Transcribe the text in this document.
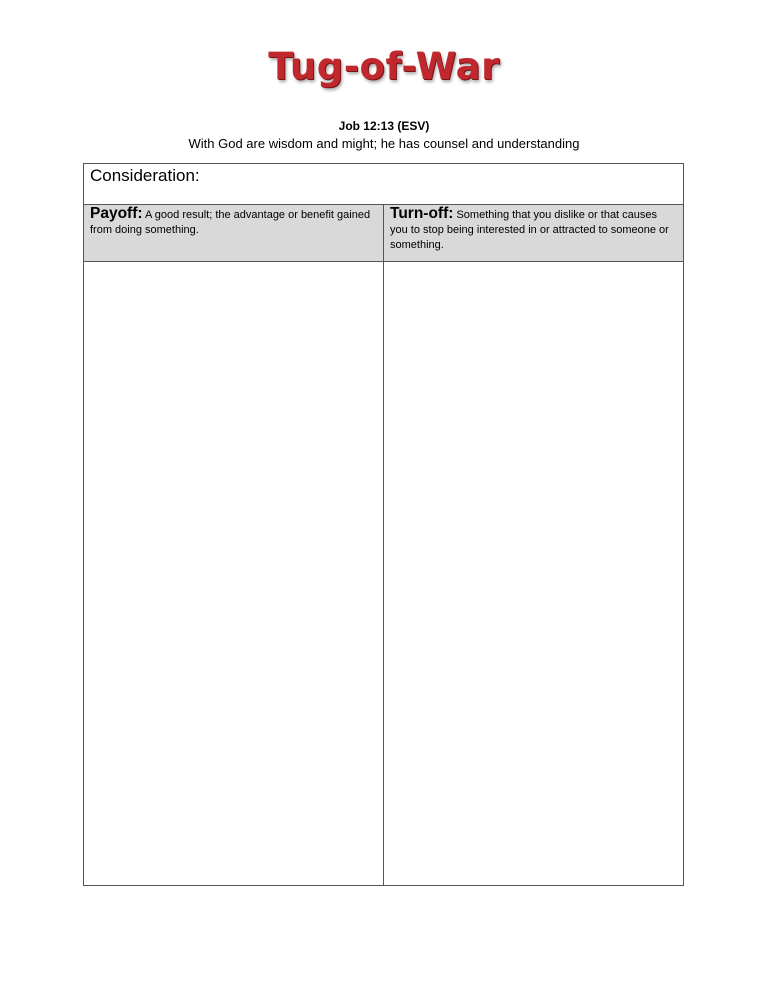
Tug-of-War
Job 12:13 (ESV)
With God are wisdom and might; he has counsel and understanding
Consideration:
Payoff: A good result; the advantage or benefit gained from doing something.
Turn-off: Something that you dislike or that causes you to stop being interested in or attracted to someone or something.
